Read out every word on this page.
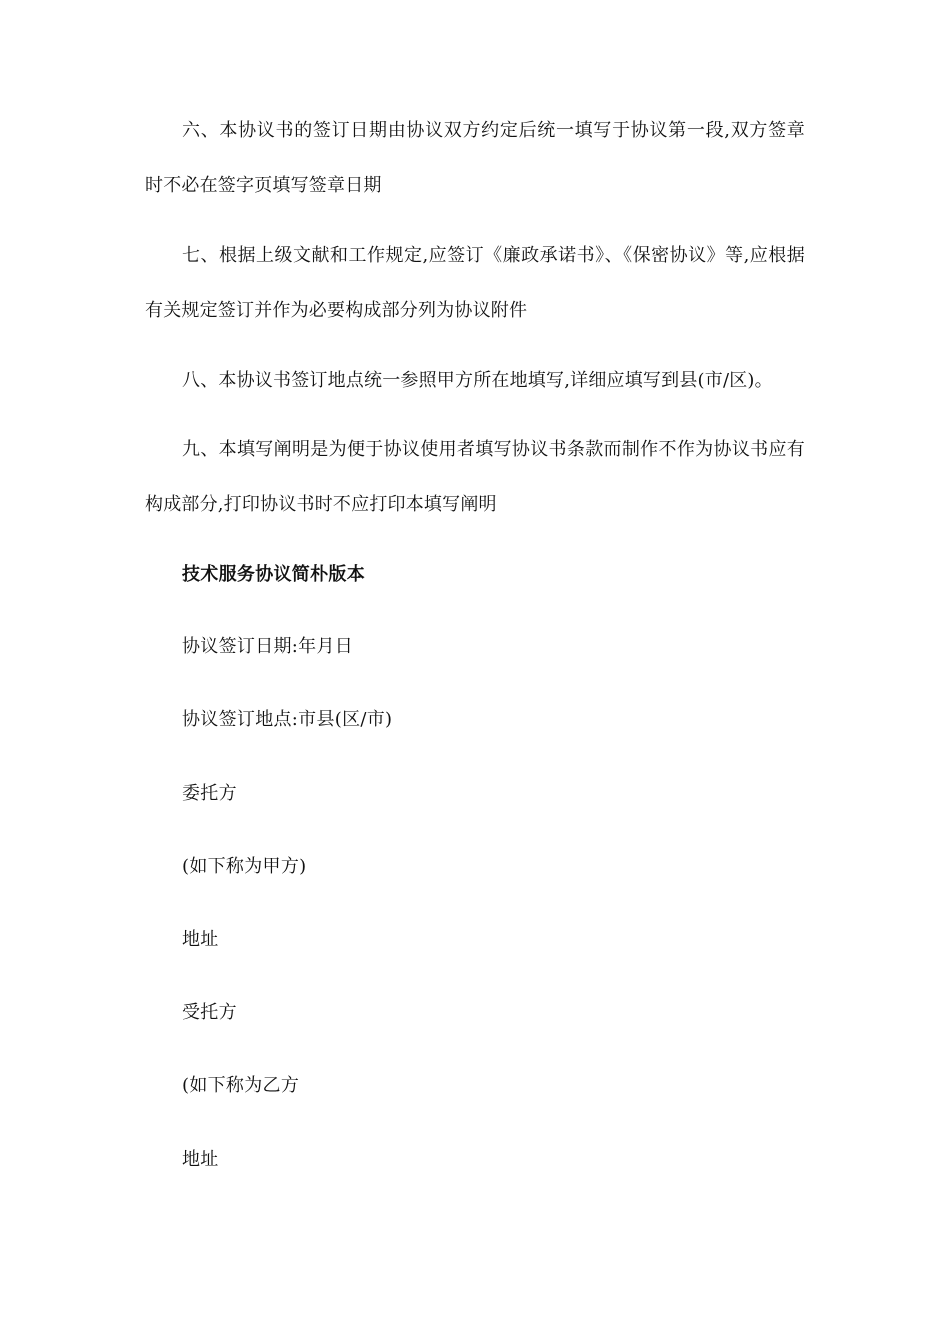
六、本协议书的签订日期由协议双方约定后统一填写于协议第一段,双方签章时不必在签字页填写签章日期

七、根据上级文献和工作规定,应签订《廉政承诺书》、《保密协议》等,应根据有关规定签订并作为必要构成部分列为协议附件

八、本协议书签订地点统一参照甲方所在地填写,详细应填写到县(市/区)。

九、本填写阐明是为便于协议使用者填写协议书条款而制作不作为协议书应有构成部分,打印协议书时不应打印本填写阐明

技术服务协议简朴版本

协议签订日期:年月日

协议签订地点:市县(区/市)

委托方

(如下称为甲方)

地址

受托方

(如下称为乙方

地址
